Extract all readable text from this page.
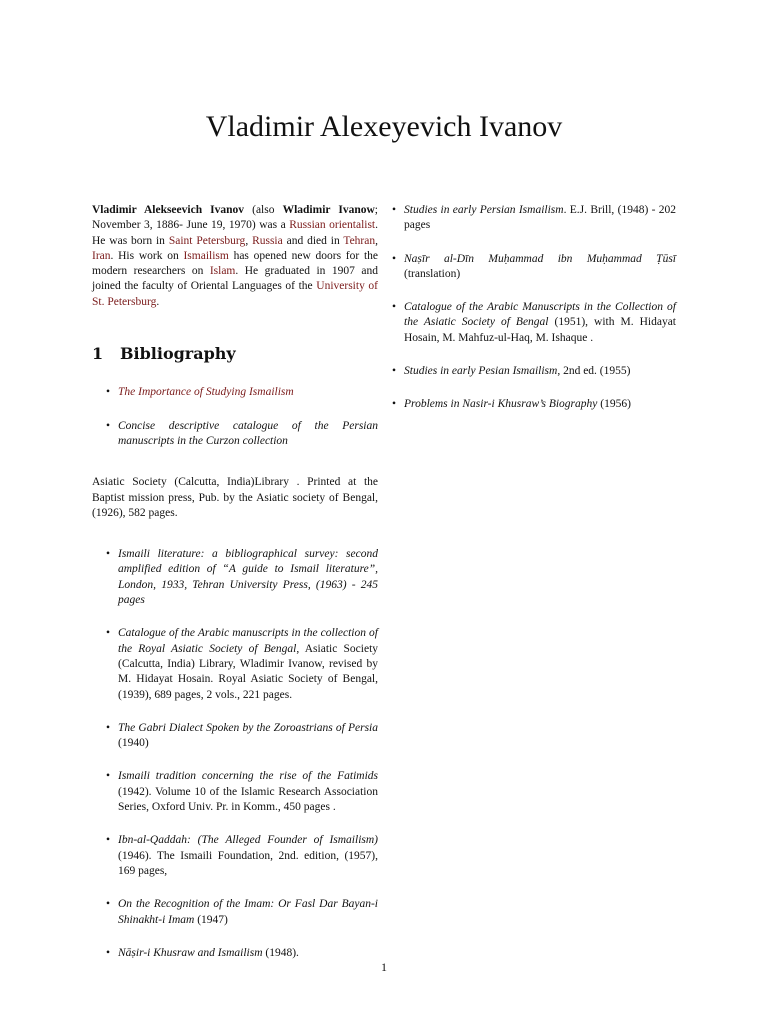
Vladimir Alexeyevich Ivanov

Vladimir Alekseevich Ivanov (also Wladimir Ivanow; November 3, 1886- June 19, 1970) was a Russian orientalist. He was born in Saint Petersburg, Russia and died in Tehran, Iran. His work on Ismailism has opened new doors for the modern researchers on Islam. He graduated in 1907 and joined the faculty of Oriental Languages of the University of St. Petersburg.

1 Bibliography
• The Importance of Studying Ismailism
• Concise descriptive catalogue of the Persian manuscripts in the Curzon collection

Asiatic Society (Calcutta, India)Library . Printed at the Baptist mission press, Pub. by the Asiatic society of Bengal, (1926), 582 pages.

• Ismaili literature: a bibliographical survey: second amplified edition of “A guide to Ismail literature”, London, 1933, Tehran University Press, (1963) - 245 pages
• Catalogue of the Arabic manuscripts in the collection of the Royal Asiatic Society of Bengal, Asiatic Society (Calcutta, India) Library, Wladimir Ivanow, revised by M. Hidayat Hosain. Royal Asiatic Society of Bengal, (1939), 689 pages, 2 vols., 221 pages.
• The Gabri Dialect Spoken by the Zoroastrians of Persia (1940)
• Ismaili tradition concerning the rise of the Fatimids (1942). Volume 10 of the Islamic Research Association Series, Oxford Univ. Pr. in Komm., 450 pages .
• Ibn-al-Qaddah: (The Alleged Founder of Ismailism) (1946). The Ismaili Foundation, 2nd. edition, (1957), 169 pages,
• On the Recognition of the Imam: Or Fasl Dar Bayan-i Shinakht-i Imam (1947)
• Nāṣir-i Khusraw and Ismailism (1948).
• Studies in early Persian Ismailism. E.J. Brill, (1948) - 202 pages
• Naṣīr al-Dīn Muḥammad ibn Muḥammad Ṭūsī (translation)
• Catalogue of the Arabic Manuscripts in the Collection of the Asiatic Society of Bengal (1951), with M. Hidayat Hosain, M. Mahfuz-ul-Haq, M. Ishaque .
• Studies in early Pesian Ismailism, 2nd ed. (1955)
• Problems in Nasir-i Khusraw’s Biography (1956)
1
